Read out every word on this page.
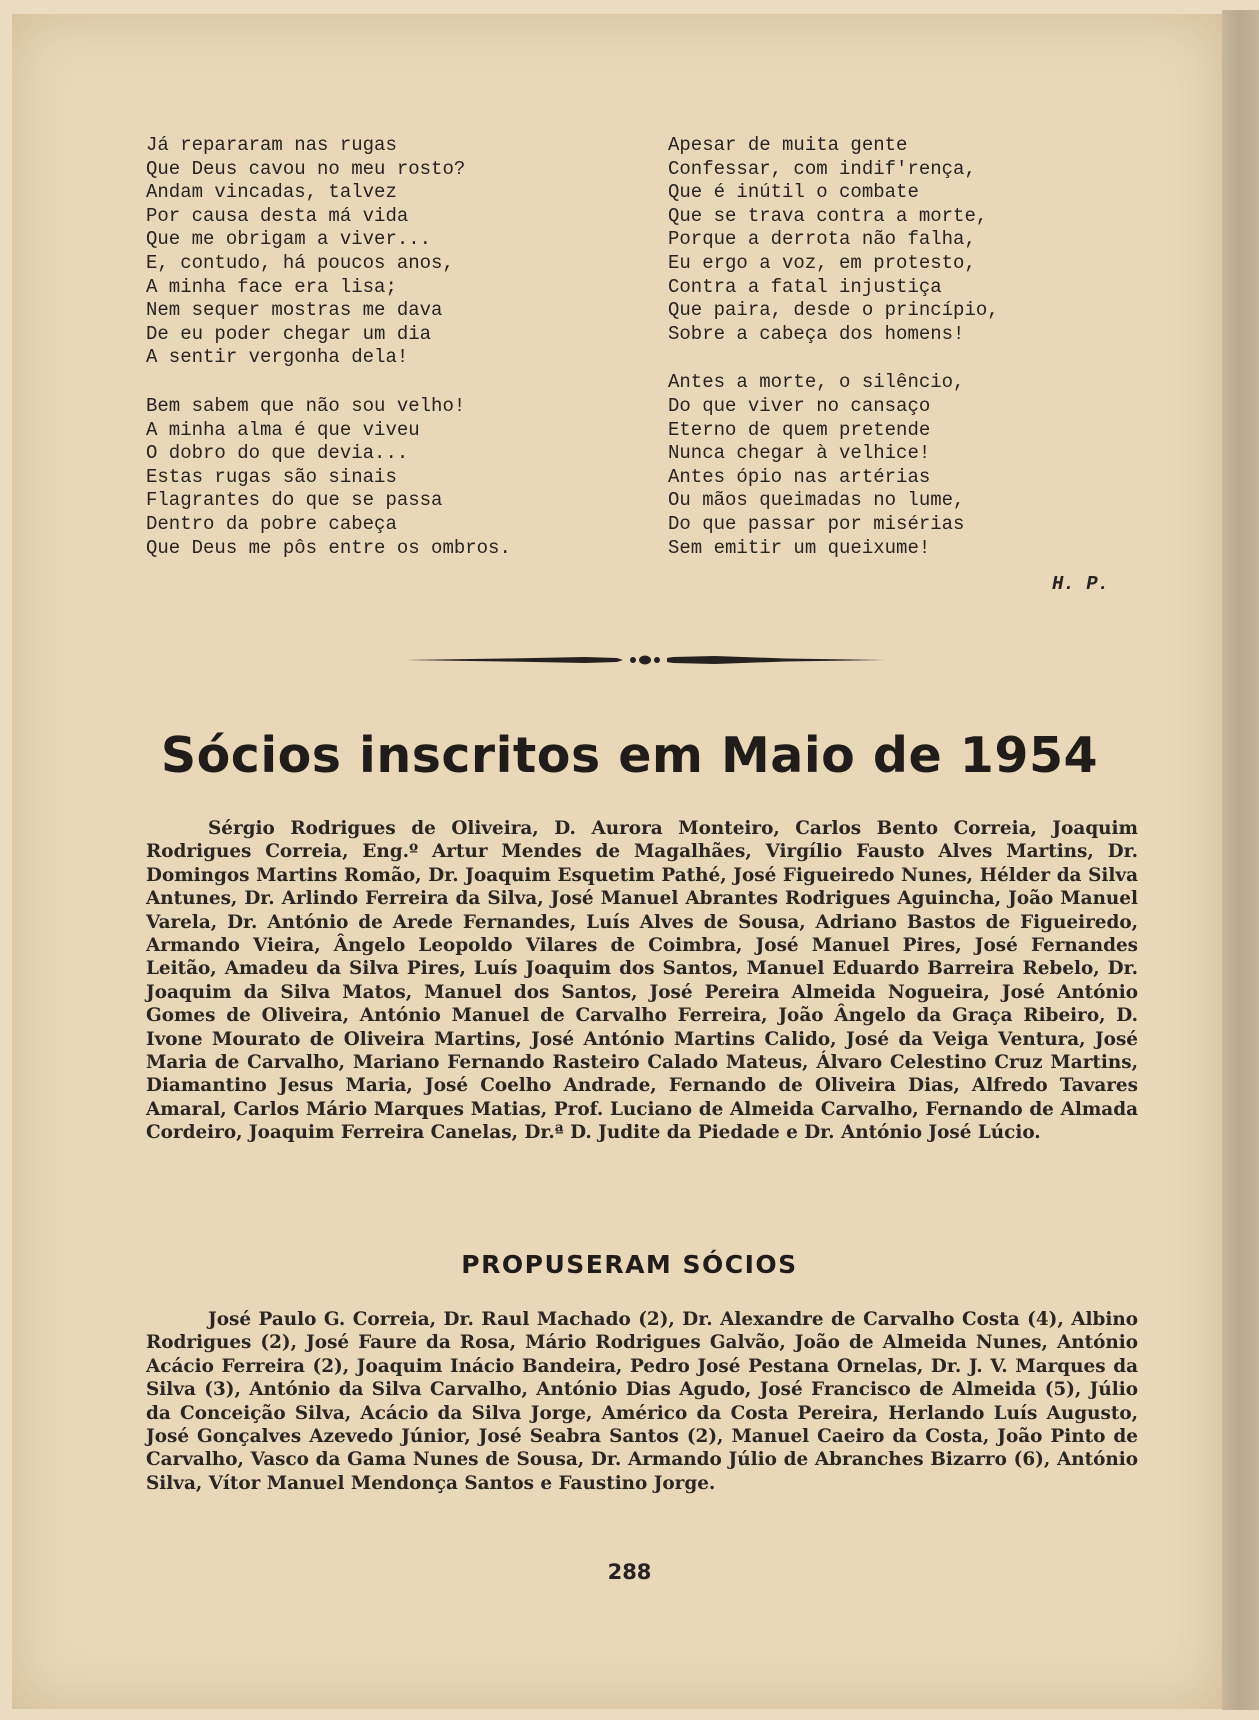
Já repararam nas rugas
Que Deus cavou no meu rosto?
Andam vincadas, talvez
Por causa desta má vida
Que me obrigam a viver...
E, contudo, há poucos anos,
A minha face era lisa;
Nem sequer mostras me dava
De eu poder chegar um dia
A sentir vergonha dela!
Bem sabem que não sou velho!
A minha alma é que viveu
O dobro do que devia...
Estas rugas são sinais
Flagrantes do que se passa
Dentro da pobre cabeça
Que Deus me pôs entre os ombros.
Apesar de muita gente
Confessar, com indif'rença,
Que é inútil o combate
Que se trava contra a morte,
Porque a derrota não falha,
Eu ergo a voz, em protesto,
Contra a fatal injustiça
Que paira, desde o princípio,
Sobre a cabeça dos homens!
Antes a morte, o silêncio,
Do que viver no cansaço
Eterno de quem pretende
Nunca chegar à velhice!
Antes ópio nas artérias
Ou mãos queimadas no lume,
Do que passar por misérias
Sem emitir um queixume!
H. P.
Sócios inscritos em Maio de 1954

Sérgio Rodrigues de Oliveira, D. Aurora Monteiro, Carlos Bento Correia, Joaquim Rodrigues Correia, Eng.º Artur Mendes de Magalhães, Virgílio Fausto Alves Martins, Dr. Domingos Martins Romão, Dr. Joaquim Esquetim Pathé, José Figueiredo Nunes, Hélder da Silva Antunes, Dr. Arlindo Ferreira da Silva, José Manuel Abrantes Rodrigues Aguincha, João Manuel Varela, Dr. António de Arede Fernandes, Luís Alves de Sousa, Adriano Bastos de Figueiredo, Armando Vieira, Ângelo Leopoldo Vilares de Coimbra, José Manuel Pires, José Fernandes Leitão, Amadeu da Silva Pires, Luís Joaquim dos Santos, Manuel Eduardo Barreira Rebelo, Dr. Joaquim da Silva Matos, Manuel dos Santos, José Pereira Almeida Nogueira, José António Gomes de Oliveira, António Manuel de Carvalho Ferreira, João Ângelo da Graça Ribeiro, D. Ivone Mourato de Oliveira Martins, José António Martins Calido, José da Veiga Ventura, José Maria de Carvalho, Mariano Fernando Rasteiro Calado Mateus, Álvaro Celestino Cruz Martins, Diamantino Jesus Maria, José Coelho Andrade, Fernando de Oliveira Dias, Alfredo Tavares Amaral, Carlos Mário Marques Matias, Prof. Luciano de Almeida Carvalho, Fernando de Almada Cordeiro, Joaquim Ferreira Canelas, Dr.ª D. Judite da Piedade e Dr. António José Lúcio.

PROPUSERAM SÓCIOS

José Paulo G. Correia, Dr. Raul Machado (2), Dr. Alexandre de Carvalho Costa (4), Albino Rodrigues (2), José Faure da Rosa, Mário Rodrigues Galvão, João de Almeida Nunes, António Acácio Ferreira (2), Joaquim Inácio Bandeira, Pedro José Pestana Ornelas, Dr. J. V. Marques da Silva (3), António da Silva Carvalho, António Dias Agudo, José Francisco de Almeida (5), Júlio da Conceição Silva, Acácio da Silva Jorge, Américo da Costa Pereira, Herlando Luís Augusto, José Gonçalves Azevedo Júnior, José Seabra Santos (2), Manuel Caeiro da Costa, João Pinto de Carvalho, Vasco da Gama Nunes de Sousa, Dr. Armando Júlio de Abranches Bizarro (6), António Silva, Vítor Manuel Mendonça Santos e Faustino Jorge.

288
